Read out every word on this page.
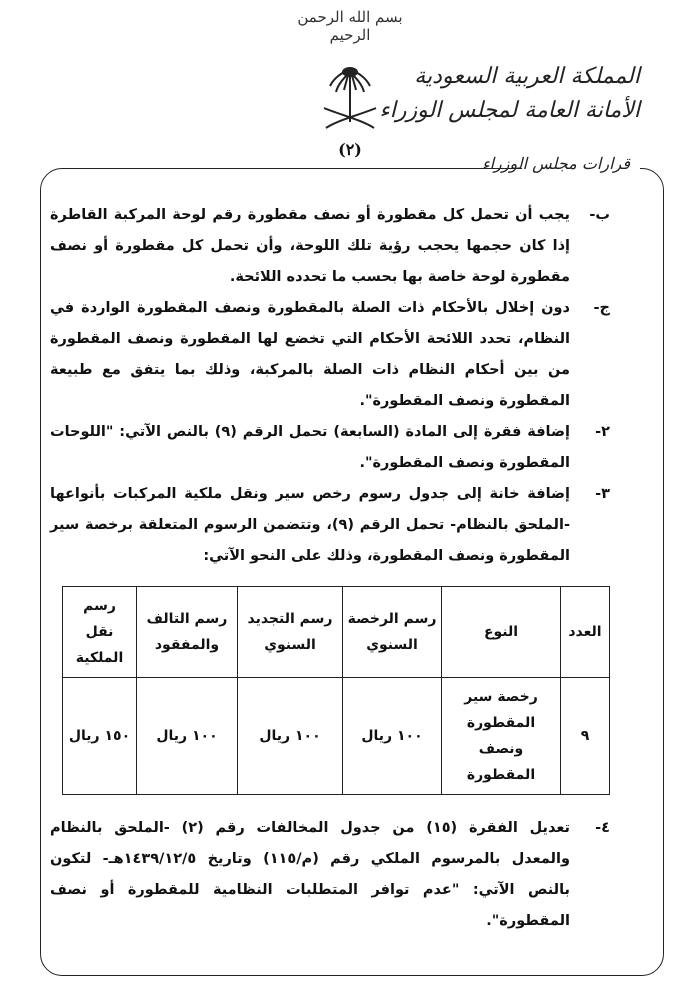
بسم الله الرحمن الرحيم
(٢)
المملكة العربية السعودية
الأمانة العامة لمجلس الوزراء
قرارات مجلس الوزراء
ب-

يجب أن تحمل كل مقطورة أو نصف مقطورة رقم لوحة المركبة القاطرة إذا كان حجمها يحجب رؤية تلك اللوحة، وأن تحمل كل مقطورة أو نصف مقطورة لوحة خاصة بها بحسب ما تحدده اللائحة.

ج-

دون إخلال بالأحكام ذات الصلة بالمقطورة ونصف المقطورة الواردة في النظام، تحدد اللائحة الأحكام التي تخضع لها المقطورة ونصف المقطورة من بين أحكام النظام ذات الصلة بالمركبة، وذلك بما يتفق مع طبيعة المقطورة ونصف المقطورة".

٢-

إضافة فقرة إلى المادة (السابعة) تحمل الرقم (٩) بالنص الآتي: "اللوحات المقطورة ونصف المقطورة".

٣-

إضافة خانة إلى جدول رسوم رخص سير ونقل ملكية المركبات بأنواعها -الملحق بالنظام- تحمل الرقم (٩)، وتتضمن الرسوم المتعلقة برخصة سير المقطورة ونصف المقطورة، وذلك على النحو الآتي:

العدد	النوع	رسم الرخصة السنوي	رسم التجديد السنوي	رسم التالف والمفقود	رسم نقل الملكية
٩	رخصة سير المقطورة ونصف المقطورة	١٠٠ ريال	١٠٠ ريال	١٠٠ ريال	١٥٠ ريال
٤-

تعديل الفقرة (١٥) من جدول المخالفات رقم (٢) -الملحق بالنظام والمعدل بالمرسوم الملكي رقم (م/١١٥) وتاريخ ١٤٣٩/١٢/٥هـ- لتكون بالنص الآتي: "عدم توافر المتطلبات النظامية للمقطورة أو نصف المقطورة".
